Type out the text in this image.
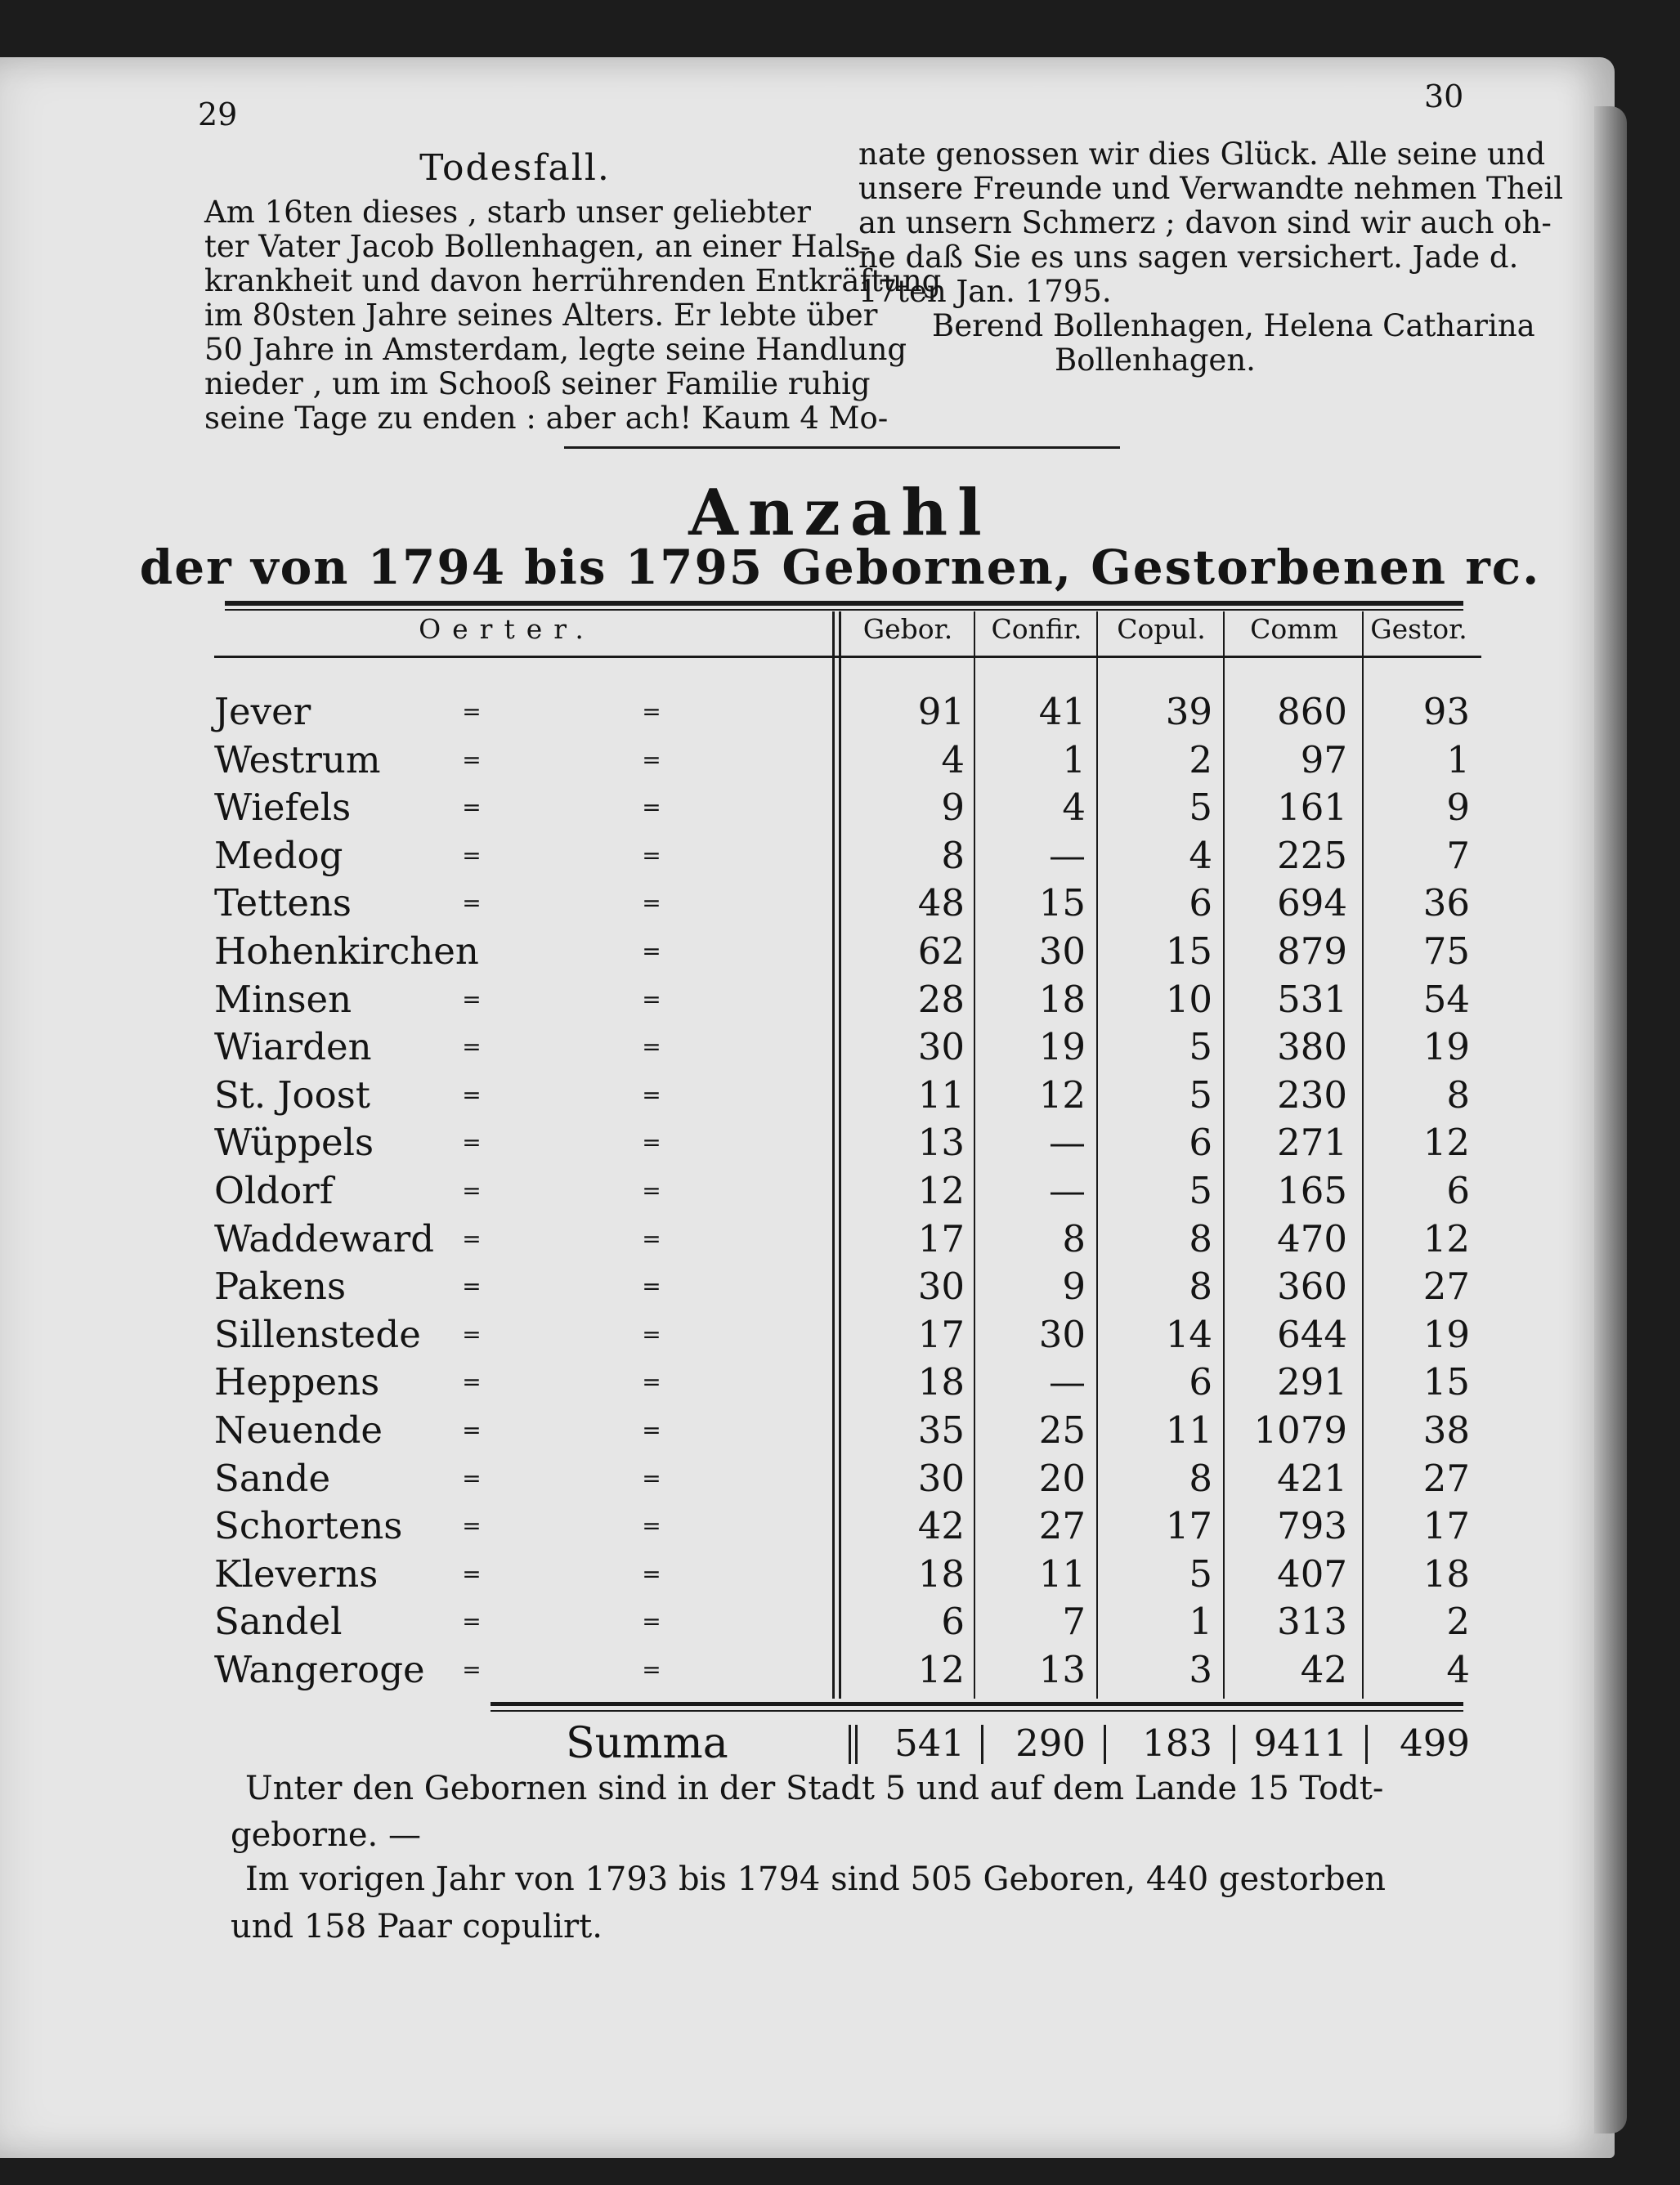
29	30
Todesfall.
Am 16ten dieses , starb unser geliebter
ter Vater Jacob Bollenhagen, an einer Hals-
krankheit und davon herrührenden Entkräftung
im 80sten Jahre seines Alters. Er lebte über
50 Jahre in Amsterdam, legte seine Handlung
nieder , um im Schooß seiner Familie ruhig
seine Tage zu enden : aber ach! Kaum 4 Mo-
nate genossen wir dies Glück. Alle seine und
unsere Freunde und Verwandte nehmen Theil
an unsern Schmerz ; davon sind wir auch oh-
ne daß Sie es uns sagen versichert. Jade d.
17ten Jan. 1795.
Berend Bollenhagen, Helena Catharina
Bollenhagen.
Anzahl
der von 1794 bis 1795 Gebornen, Gestorbenen rc.
Oerter.	Gebor.	Confir.	Copul.	Comm	Gestor.
Jever	=	=	91	41	39	860	93
Westrum	=	=	4	1	2	97	1
Wiefels	=	=	9	4	5	161	9
Medog	=	=	8	—	4	225	7
Tettens	=	=	48	15	6	694	36
Hohenkirchen	=	62	30	15	879	75
Minsen	=	=	28	18	10	531	54
Wiarden	=	=	30	19	5	380	19
St. Joost	=	=	11	12	5	230	8
Wüppels	=	=	13	—	6	271	12
Oldorf	=	=	12	—	5	165	6
Waddeward	=	=	17	8	8	470	12
Pakens	=	=	30	9	8	360	27
Sillenstede	=	=	17	30	14	644	19
Heppens	=	=	18	—	6	291	15
Neuende	=	=	35	25	11	1079	38
Sande	=	=	30	20	8	421	27
Schortens	=	=	42	27	17	793	17
Kleverns	=	=	18	11	5	407	18
Sandel	=	=	6	7	1	313	2
Wangeroge	=	=	12	13	3	42	4
Summa	541	290	183	9411	499
Unter den Gebornen sind in der Stadt 5 und auf dem Lande 15 Todt-
geborne. —
Im vorigen Jahr von 1793 bis 1794 sind 505 Geboren, 440 gestorben
und 158 Paar copulirt.
